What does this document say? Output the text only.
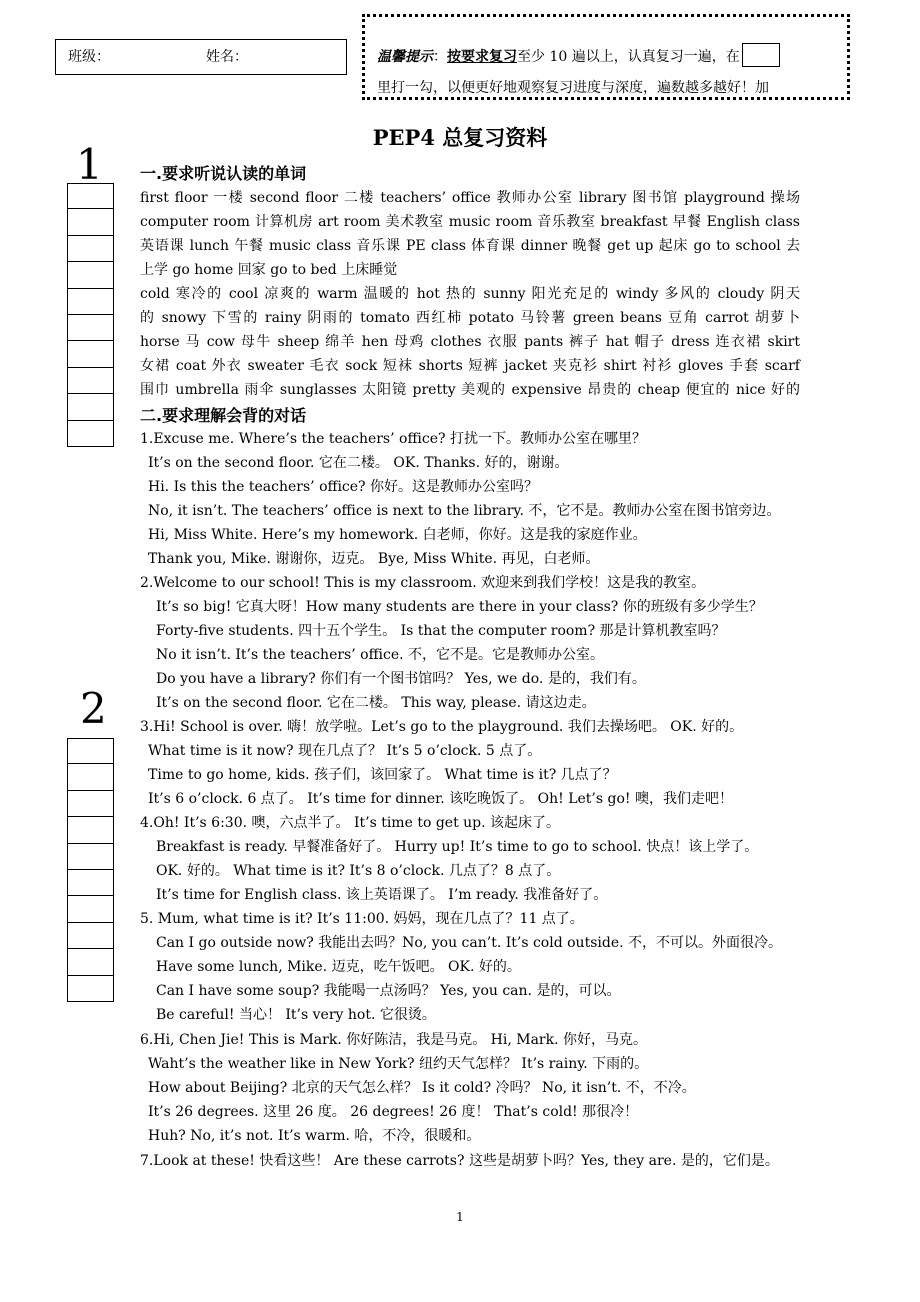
班级：	姓名：	温馨提示：按要求复习至少 10 遍以上，认真复习一遍，在
里打一勾，以便更好地观察复习进度与深度，遍数越多越好！加
PEP4 总复习资料
1
2
一.要求听说认读的单词
first floor 一楼 second floor 二楼 teachers’ office 教师办公室 library 图书馆 playground 操场
computer room 计算机房 art room 美术教室 music room 音乐教室 breakfast 早餐 English class
英语课 lunch 午餐 music class 音乐课 PE class 体育课 dinner 晚餐 get up 起床 go to school 去
上学 go home 回家 go to bed 上床睡觉
cold 寒冷的 cool 凉爽的 warm 温暖的 hot 热的 sunny 阳光充足的 windy 多风的 cloudy 阴天
的 snowy 下雪的 rainy 阴雨的 tomato 西红柿 potato 马铃薯 green beans 豆角 carrot 胡萝卜
horse 马 cow 母牛 sheep 绵羊 hen 母鸡 clothes 衣服 pants 裤子 hat 帽子 dress 连衣裙 skirt
女裙 coat 外衣 sweater 毛衣 sock 短袜 shorts 短裤 jacket 夹克衫 shirt 衬衫 gloves 手套 scarf
围巾 umbrella 雨伞 sunglasses 太阳镜 pretty 美观的 expensive 昂贵的 cheap 便宜的 nice 好的
二.要求理解会背的对话
1.Excuse me. Where’s the teachers’ office? 打扰一下。教师办公室在哪里？
It’s on the second floor. 它在二楼。 OK. Thanks. 好的，谢谢。
Hi. Is this the teachers’ office? 你好。这是教师办公室吗？
No, it isn’t. The teachers’ office is next to the library. 不，它不是。教师办公室在图书馆旁边。
Hi, Miss White. Here’s my homework. 白老师，你好。这是我的家庭作业。
Thank you, Mike. 谢谢你，迈克。 Bye, Miss White. 再见，白老师。
2.Welcome to our school! This is my classroom. 欢迎来到我们学校！这是我的教室。
It’s so big! 它真大呀！How many students are there in your class? 你的班级有多少学生？
Forty-five students. 四十五个学生。 Is that the computer room? 那是计算机教室吗？
No it isn’t. It’s the teachers’ office. 不，它不是。它是教师办公室。
Do you have a library? 你们有一个图书馆吗？ Yes, we do. 是的，我们有。
It’s on the second floor. 它在二楼。 This way, please. 请这边走。
3.Hi! School is over. 嗨！放学啦。Let’s go to the playground. 我们去操场吧。 OK. 好的。
What time is it now? 现在几点了？ It’s 5 o’clock. 5 点了。
Time to go home, kids. 孩子们，该回家了。 What time is it? 几点了？
It’s 6 o’clock. 6 点了。 It’s time for dinner. 该吃晚饭了。 Oh! Let’s go! 噢，我们走吧！
4.Oh! It’s 6:30. 噢，六点半了。 It’s time to get up. 该起床了。
Breakfast is ready. 早餐准备好了。 Hurry up! It’s time to go to school. 快点！该上学了。
OK. 好的。 What time is it? It’s 8 o’clock. 几点了？8 点了。
It’s time for English class. 该上英语课了。 I’m ready. 我准备好了。
5. Mum, what time is it? It’s 11:00. 妈妈，现在几点了？11 点了。
Can I go outside now? 我能出去吗？No, you can’t. It’s cold outside. 不，不可以。外面很冷。
Have some lunch, Mike. 迈克，吃午饭吧。 OK. 好的。
Can I have some soup? 我能喝一点汤吗？ Yes, you can. 是的，可以。
Be careful! 当心！ It’s very hot. 它很烫。
6.Hi, Chen Jie! This is Mark. 你好陈洁，我是马克。 Hi, Mark. 你好，马克。
Waht’s the weather like in New York? 纽约天气怎样？ It’s rainy. 下雨的。
How about Beijing? 北京的天气怎么样？ Is it cold? 冷吗？ No, it isn’t. 不，不冷。
It’s 26 degrees. 这里 26 度。 26 degrees! 26 度！ That’s cold! 那很冷！
Huh? No, it’s not. It’s warm. 哈，不冷，很暖和。
7.Look at these! 快看这些！ Are these carrots? 这些是胡萝卜吗？Yes, they are. 是的，它们是。
1
